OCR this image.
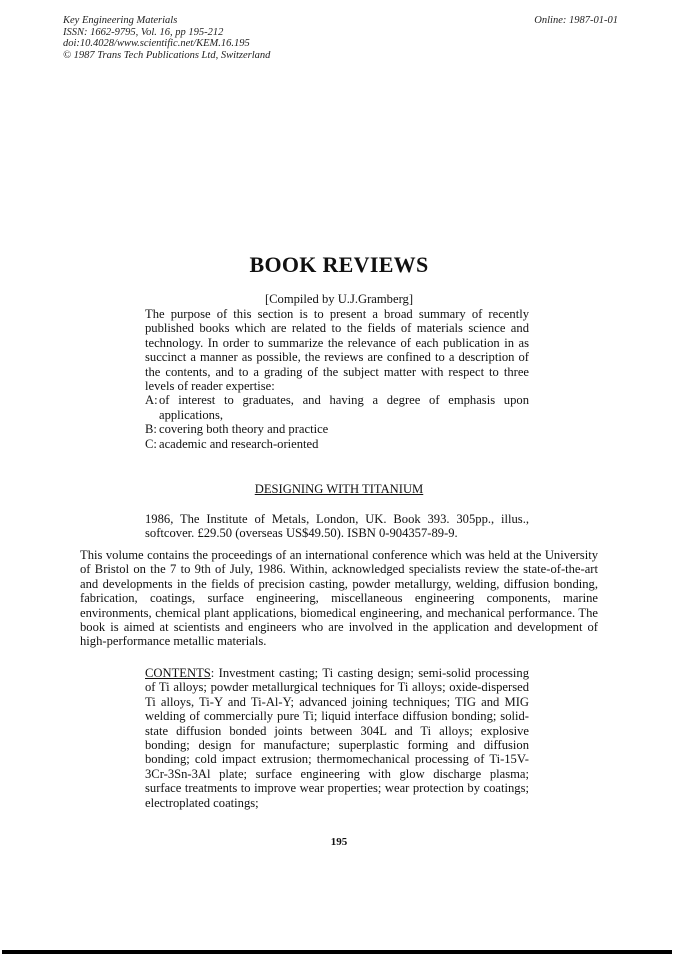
Key Engineering Materials
ISSN: 1662-9795, Vol. 16, pp 195-212
doi:10.4028/www.scientific.net/KEM.16.195
© 1987 Trans Tech Publications Ltd, Switzerland
Online: 1987-01-01
BOOK REVIEWS
[Compiled by U.J.Gramberg]

The purpose of this section is to present a broad summary of recently published books which are related to the fields of materials science and technology. In order to summarize the relevance of each publication in as succinct a manner as possible, the reviews are confined to a description of the contents, and to a grading of the subject matter with respect to three levels of reader expertise:

A: of interest to graduates, and having a degree of emphasis upon applications,
B: covering both theory and practice
C: academic and research-oriented
DESIGNING WITH TITANIUM
1986, The Institute of Metals, London, UK. Book 393. 305pp., illus., softcover. £29.50 (overseas US$49.50). ISBN 0-904357-89-9.
This volume contains the proceedings of an international conference which was held at the University of Bristol on the 7 to 9th of July, 1986. Within, acknowledged specialists review the state-of-the-art and developments in the fields of precision casting, powder metallurgy, welding, diffusion bonding, fabrication, coatings, surface engineering, miscellaneous engineering components, marine environments, chemical plant applications, biomedical engineering, and mechanical performance. The book is aimed at scientists and engineers who are involved in the application and development of high-performance metallic materials.
CONTENTS: Investment casting; Ti casting design; semi-solid processing of Ti alloys; powder metallurgical techniques for Ti alloys; oxide-dispersed Ti alloys, Ti-Y and Ti-Al-Y; advanced joining techniques; TIG and MIG welding of commercially pure Ti; liquid interface diffusion bonding; solid-state diffusion bonded joints between 304L and Ti alloys; explosive bonding; design for manufacture; superplastic forming and diffusion bonding; cold impact extrusion; thermomechanical processing of Ti-15V-3Cr-3Sn-3Al plate; surface engineering with glow discharge plasma; surface treatments to improve wear properties; wear protection by coatings; electroplated coatings;
195
